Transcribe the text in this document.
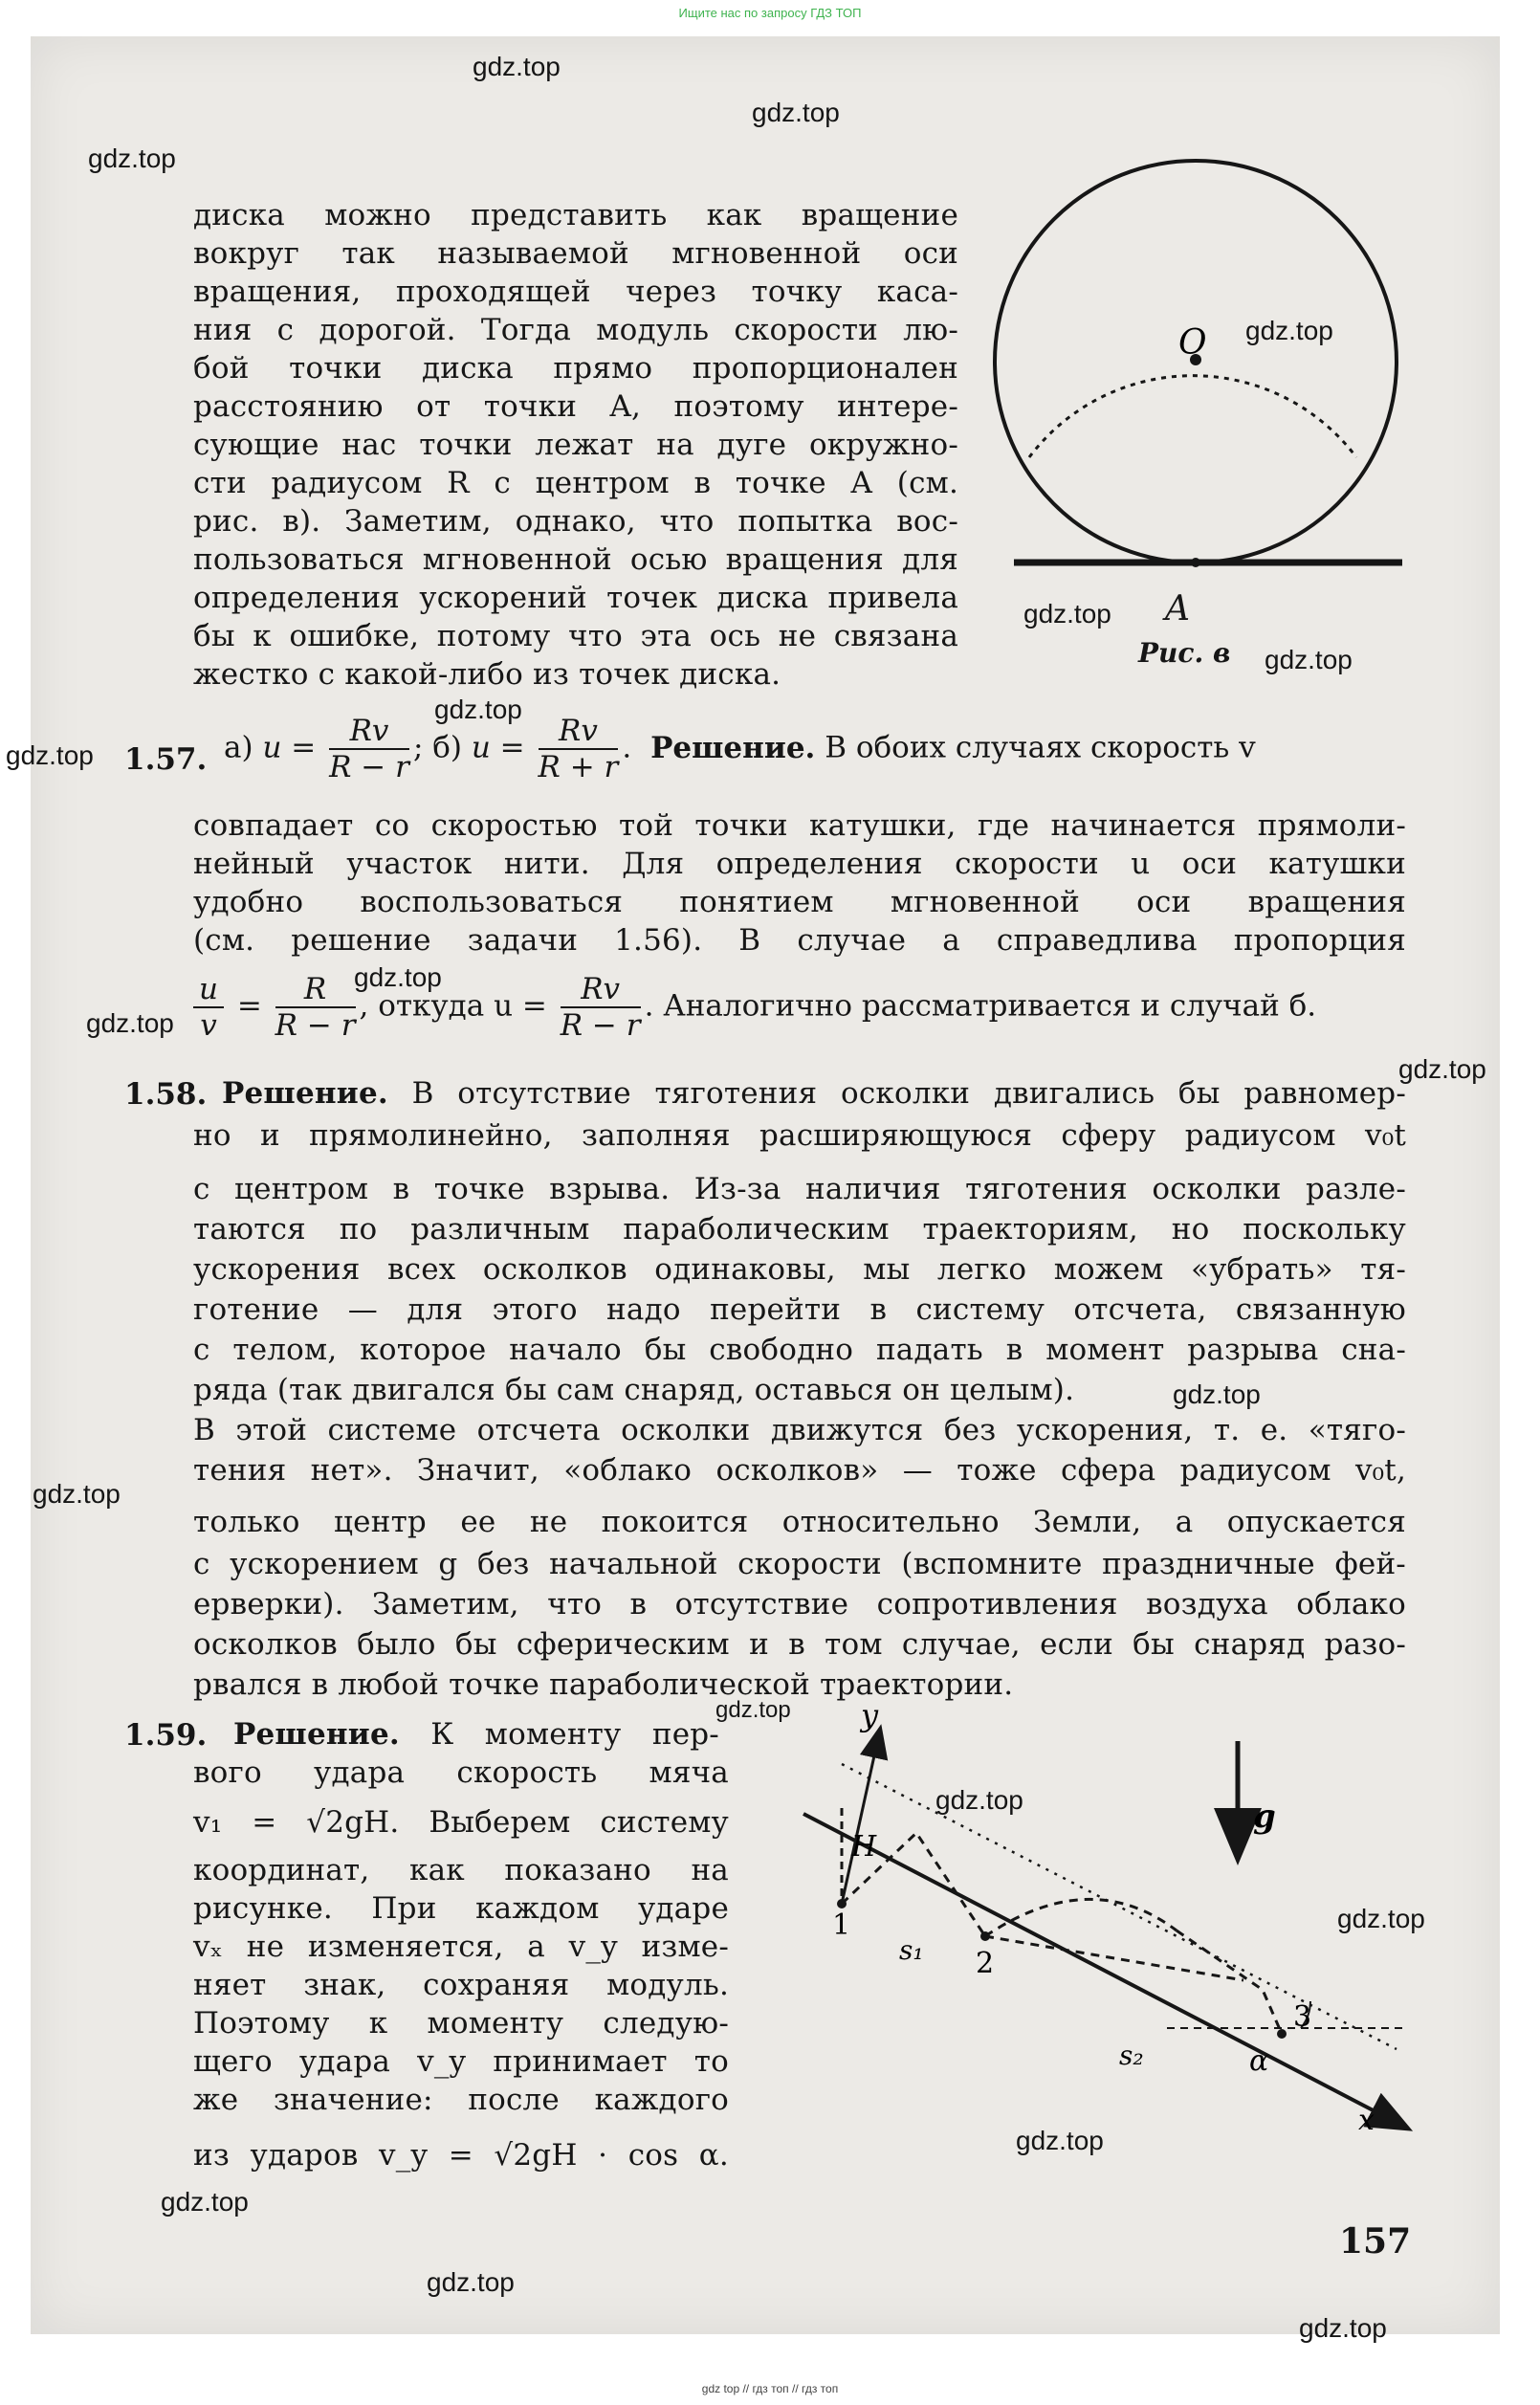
Ищите нас по запросу ГДЗ ТОП
gdz.top
gdz.top
gdz.top
gdz.top
gdz.top
gdz.top
gdz.top
gdz.top
gdz.top
gdz.top
gdz.top
gdz.top
gdz.top
gdz.top
gdz.top
gdz.top
gdz.top
gdz.top
gdz.top
gdz.top
диска можно представить как вращение
вокруг так называемой мгновенной оси
вращения, проходящей через точку каса-
ния с дорогой. Тогда модуль скорости лю-
бой точки диска прямо пропорционален
расстоянию от точки A, поэтому интере-
сующие нас точки лежат на дуге окружно-
сти радиусом R с центром в точке A (см.
рис. в). Заметим, однако, что попытка вос-
пользоваться мгновенной осью вращения для
определения ускорений точек диска привела
бы к ошибке, потому что эта ось не связана
жестко с какой-либо из точек диска.
O
A
Рис. в
1.57. а) $u = \frac{Rv}{R - r}$ ; б) $u = \frac{Rv}{R + r}$ . Решение. В обоих случаях скорость v
совпадает со скоростью той точки катушки, где начинается прямоли-
нейный участок нити. Для определения скорости u оси катушки
удобно воспользоваться понятием мгновенной оси вращения
(см. решение задачи 1.56). В случае а справедлива пропорция
$\frac{u}{v} = \frac{R}{R - r}$ , откуда $u = \frac{Rv}{R - r}$ . Аналогично рассматривается и случай б.
1.58. Решение. В отсутствие тяготения осколки двигались бы равномер-
но и прямолинейно, заполняя расширяющуюся сферу радиусом v₀t
с центром в точке взрыва. Из-за наличия тяготения осколки разле-
таются по различным параболическим траекториям, но поскольку
ускорения всех осколков одинаковы, мы легко можем «убрать» тя-
готение — для этого надо перейти в систему отсчета, связанную
с телом, которое начало бы свободно падать в момент разрыва сна-
ряда (так двигался бы сам снаряд, оставься он целым).
В этой системе отсчета осколки движутся без ускорения, т. е. «тяго-
тения нет». Значит, «облако осколков» — тоже сфера радиусом v₀t,
только центр ее не покоится относительно Земли, а опускается
с ускорением g без начальной скорости (вспомните праздничные фей-
ерверки). Заметим, что в отсутствие сопротивления воздуха облако
осколков было бы сферическим и в том случае, если бы снаряд разо-
рвался в любой точке параболической траектории.
1.59. Решение. К моменту пер-
вого удара скорость мяча
v₁ = √2gH. Выберем систему
координат, как показано на
рисунке. При каждом ударе
vₓ не изменяется, а v_y изме-
няет знак, сохраняя модуль.
Поэтому к моменту следую-
щего удара v_y принимает то
же значение: после каждого
из ударов v_y = √2gH · cos α.
y
x
H
1
2
3
s₁
s₂
g
α
157
gdz top // гдз топ // гдз топ
